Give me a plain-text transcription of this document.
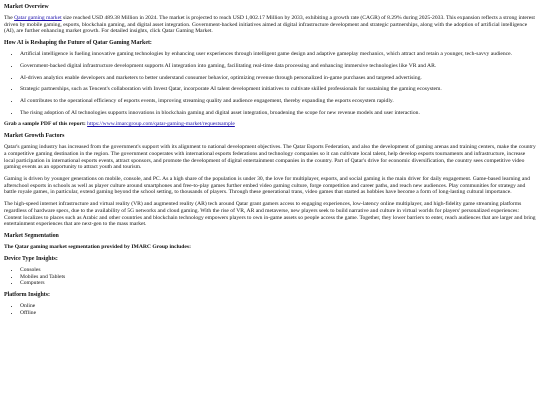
Market Overview

The Qatar gaming market size reached USD 489.38 Million in 2024. The market is projected to reach USD 1,002.17 Million by 2033, exhibiting a growth rate (CAGR) of 8.29% during 2025-2033. This expansion reflects a strong interest driven by mobile gaming, esports, blockchain gaming, and digital asset integration. Government-backed initiatives aimed at digital infrastructure development and strategic partnerships, along with the adoption of artificial intelligence (AI), are further enhancing market growth. For detailed insights, click Qatar Gaming Market.

How AI is Reshaping the Future of Qatar Gaming Market:
• Artificial intelligence is fueling innovative gaming technologies by enhancing user experiences through intelligent game design and adaptive gameplay mechanics, which attract and retain a younger, tech-savvy audience.
• Government-backed digital infrastructure development supports AI integration into gaming, facilitating real-time data processing and enhancing immersive technologies like VR and AR.
• AI-driven analytics enable developers and marketers to better understand consumer behavior, optimizing revenue through personalized in-game purchases and targeted advertising.
• Strategic partnerships, such as Tencent's collaboration with Invest Qatar, incorporate AI talent development initiatives to cultivate skilled professionals for sustaining the gaming ecosystem.
• AI contributes to the operational efficiency of esports events, improving streaming quality and audience engagement, thereby expanding the esports ecosystem rapidly.
• The rising adoption of AI technologies supports innovations in blockchain gaming and digital asset integration, broadening the scope for new revenue models and user interaction.

Grab a sample PDF of this report: https://www.imarcgroup.com/qatar-gaming-market/requestsample

Market Growth Factors

Qatar's gaming industry has increased from the government's support with its alignment to national development objectives. The Qatar Esports Federation, and also the development of gaming arenas and training centers, make the country a competitive gaming destination in the region. The government cooperates with international esports federations and technology companies so it can cultivate local talent, help develop esports tournaments and infrastructure, increase local participation in international esports events, attract sponsors, and promote the development of digital entertainment companies in the country. Part of Qatar's drive for economic diversification, the country sees competitive video gaming events as an opportunity to attract youth and tourism.

Gaming is driven by younger generations on mobile, console, and PC. As a high share of the population is under 30, the love for multiplayer, esports, and social gaming is the main driver for daily engagement. Game-based learning and afterschool esports in schools as well as player culture around smartphones and free-to-play games further embed video gaming culture, forge competition and career paths, and reach new audiences. Play communities for strategy and battle royale games, in particular, extend gaming beyond the school setting, to thousands of players. Through these generational trans, video games that started as hobbies have become a form of long-lasting cultural importance.

The high-speed internet infrastructure and virtual reality (VR) and augmented reality (AR) tech around Qatar grant gamers access to engaging experiences, low-latency online multiplayer, and high-fidelity game streaming platforms regardless of hardware specs, due to the availability of 5G networks and cloud gaming. With the rise of VR, AR and metaverse, new players seek to build narrative and culture in virtual worlds for players' personalized experiences: Content localizes to places such as Arabic and other countries and blockchain technology empowers players to own in-game assets so people access the game. Together, they lower barriers to enter, reach audiences that are larger and bring entertainment experiences that are next-gen to the mass market.

Market Segmentation

The Qatar gaming market segmentation provided by IMARC Group includes:

Device Type Insights:
• Consoles
• Mobiles and Tablets
• Computers
Platform Insights:
• Online
• Offline
